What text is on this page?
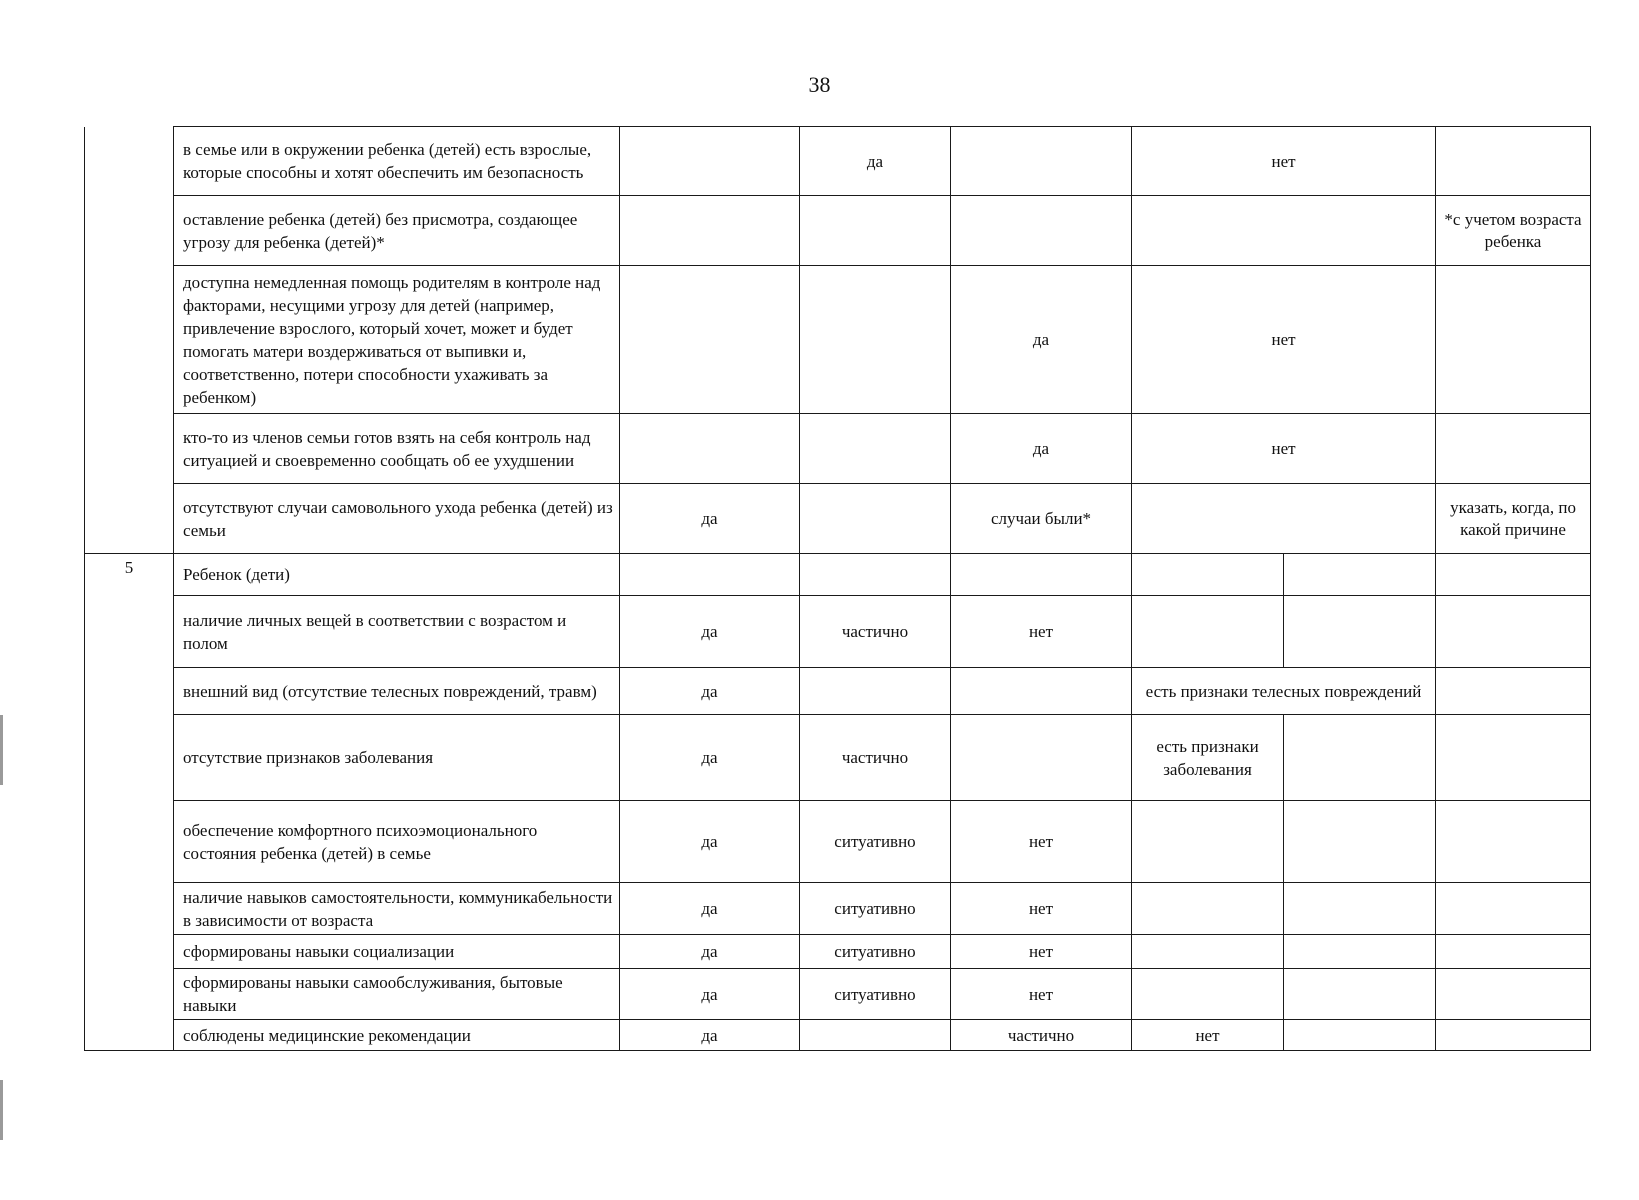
38
	в семье или в окружении ребенка (детей) есть взрослые, которые способны и хотят обеспечить им безопасность		да		нет		
	оставление ребенка (детей) без присмотра, создающее угрозу для ребенка (детей)*						*с учетом возраста ребенка
	доступна немедленная помощь родителям в контроле над факторами, несущими угрозу для детей (например, привлечение взрослого, который хочет, может и будет помогать матери воздерживаться от выпивки и, соответственно, потери способности ухаживать за ребенком)			да	нет		
	кто-то из членов семьи готов взять на себя контроль над ситуацией и своевременно сообщать об ее ухудшении			да	нет		
	отсутствуют случаи самовольного ухода ребенка (детей) из семьи	да		случаи были*			указать, когда, по какой причине
5	Ребенок (дети)						
	наличие личных вещей в соответствии с возрастом и полом	да	частично	нет			
	внешний вид (отсутствие телесных повреждений, травм)	да			есть признаки телесных повреждений		
	отсутствие признаков заболевания	да	частично		есть признаки заболевания		
	обеспечение комфортного психоэмоционального состояния ребенка (детей) в семье	да	ситуативно	нет			
	наличие навыков самостоятельности, коммуникабельности в зависимости от возраста	да	ситуативно	нет			
	сформированы навыки социализации	да	ситуативно	нет			
	сформированы навыки самообслуживания, бытовые навыки	да	ситуативно	нет			
	соблюдены медицинские рекомендации	да		частично	нет		
